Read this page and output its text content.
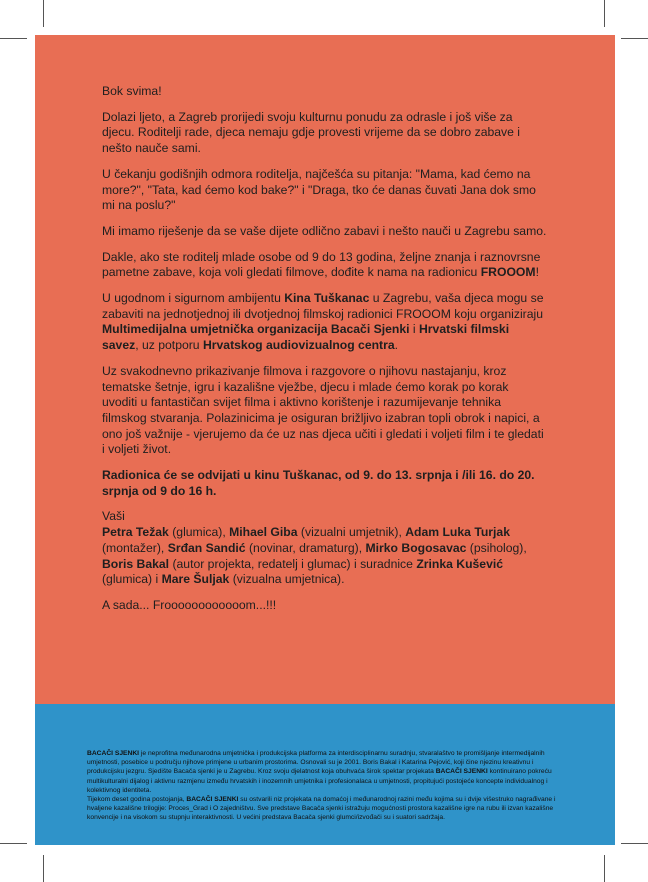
Bok svima!

Dolazi ljeto, a Zagreb prorijedi svoju kulturnu ponudu za odrasle i još više za djecu. Roditelji rade, djeca nemaju gdje provesti vrijeme da se dobro zabave i nešto nauče sami.

U čekanju godišnjih odmora roditelja, najčešća su pitanja: "Mama, kad ćemo na more?", "Tata, kad ćemo kod bake?" i "Draga, tko će danas čuvati Jana dok smo mi na poslu?"

Mi imamo riješenje da se vaše dijete odlično zabavi i nešto nauči u Zagrebu samo.

Dakle, ako ste roditelj mlade osobe od 9 do 13 godina, željne znanja i raznovrsne pametne zabave, koja voli gledati filmove, dođite k nama na radionicu FROOOM!

U ugodnom i sigurnom ambijentu Kina Tuškanac u Zagrebu, vaša djeca mogu se zabaviti na jednotjednoj ili dvotjednoj filmskoj radionici FROOOM koju organiziraju Multimedijalna umjetnička organizacija Bacači Sjenki i Hrvatski filmski savez, uz potporu Hrvatskog audiovizualnog centra.

Uz svakodnevno prikazivanje filmova i razgovore o njihovu nastajanju, kroz tematske šetnje, igru i kazališne vježbe, djecu i mlade ćemo korak po korak uvoditi u fantastičan svijet filma i aktivno korištenje i razumijevanje tehnika filmskog stvaranja. Polazinicima je osiguran brižljivo izabran topli obrok i napici, a ono još važnije - vjerujemo da će uz nas djeca učiti i gledati i voljeti film i te gledati i voljeti život.

Radionica će se odvijati u kinu Tuškanac, od 9. do 13. srpnja i /ili 16. do 20. srpnja od 9 do 16 h.

Vaši
Petra Težak (glumica), Mihael Giba (vizualni umjetnik), Adam Luka Turjak (montažer), Srđan Sandić (novinar, dramaturg), Mirko Bogosavac (psiholog), Boris Bakal (autor projekta, redatelj i glumac) i suradnice Zrinka Kušević (glumica) i Mare Šuljak (vizualna umjetnica).

A sada... Froooooooooooom...!!!

BACAČI SJENKI je neprofitna međunarodna umjetnička i produkcijska platforma za interdisciplinarnu suradnju, stvaralaštvo te promišljanje intermedijalnih umjetnosti, posebice u području njihove primjene u urbanim prostorima. Osnovali su je 2001. Boris Bakal i Katarina Pejović, koji čine njezinu kreativnu i produkcijsku jezgru. Sjedište Bacača sjenki je u Zagrebu. Kroz svoju djelatnost koja obuhvaća širok spektar projekata BACAČI SJENKI kontinuirano pokreću multikulturalni dijalog i aktivnu razmjenu između hrvatskih i inozemnih umjetnika i profesionalaca u umjetnosti, propitujući postojeće koncepte individualnog i kolektivnog identiteta.

Tijekom deset godina postojanja, BACAČI SJENKI su ostvarili niz projekata na domaćoj i međunarodnoj razini među kojima su i dvije višestruko nagrađivane i hvaljene kazališne trilogije: Proces_Grad i O zajedništvu. Sve predstave Bacača sjenki istražuju mogućnosti prostora kazališne igre na rubu ili izvan kazališne konvencije i na visokom su stupnju interaktivnosti. U većini predstava Bacača sjenki glumci/izvođači su i suatori sadržaja.
